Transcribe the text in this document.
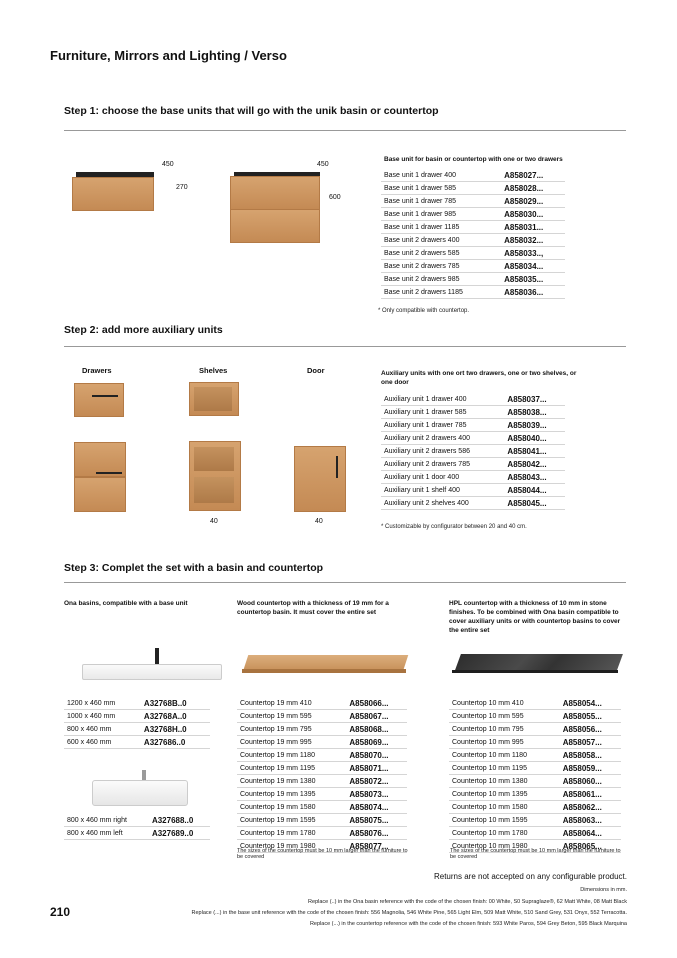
Furniture, Mirrors and Lighting / Verso
Step 1: choose the base units that will go with the unik basin or countertop
450
270
450
600
Base unit for basin or countertop with one or two drawers
Base unit 1 drawer 400	A858027...
Base unit 1 drawer 585	A858028...
Base unit 1 drawer 785	A858029...
Base unit 1 drawer 985	A858030...
Base unit 1 drawer 1185	A858031...
Base unit 2 drawers 400	A858032...
Base unit 2 drawers 585	A858033..,
Base unit 2 drawers 785	A858034...
Base unit 2 drawers 985	A858035...
Base unit 2 drawers 1185	A858036...
* Only compatible with countertop.
Step 2: add more auxiliary units
Drawers	Shelves	Door
40	40
Auxiliary units with one ort two drawers, one or two shelves, or one door
Auxiliary unit 1 drawer 400	A858037...
Auxiliary unit 1 drawer 585	A858038...
Auxiliary unit 1 drawer 785	A858039...
Auxiliary unit 2 drawers 400	A858040...
Auxiliary unit 2 drawers 586	A858041...
Auxiliary unit 2 drawers 785	A858042...
Auxiliary unit 1 door 400	A858043...
Auxiliary unit 1 shelf 400	A858044...
Auxiliary unit 2 shelves 400	A858045...
* Customizable by configurator between 20 and 40 cm.
Step 3: Complet the set with a basin and countertop
Ona basins, compatible with a base unit	Wood countertop with a thickness of 19 mm for a countertop basin. It must cover the entire set
HPL countertop with a thickness of 10 mm in stone finishes. To be combined with Ona basin compatible to cover auxiliary units or with countertop basins to cover the entire set
1200 x 460 mm	A32768B..0
1000 x 460 mm	A32768A..0
800 x 460 mm	A32768H..0
600 x 460 mm	A327686..0
800 x 460 mm right	A327688..0
800 x 460 mm left	A327689..0
Countertop 19 mm 410	A858066...
Countertop 19 mm 595	A858067...
Countertop 19 mm 795	A858068...
Countertop 19 mm 995	A858069...
Countertop 19 mm 1180	A858070...
Countertop 19 mm 1195	A858071...
Countertop 19 mm 1380	A858072...
Countertop 19 mm 1395	A858073...
Countertop 19 mm 1580	A858074...
Countertop 19 mm 1595	A858075...
Countertop 19 mm 1780	A858076...
Countertop 19 mm 1980	A858077...
Countertop 10 mm 410	A858054...
Countertop 10 mm 595	A858055...
Countertop 10 mm 795	A858056...
Countertop 10 mm 995	A858057...
Countertop 10 mm 1180	A858058...
Countertop 10 mm 1195	A858059...
Countertop 10 mm 1380	A858060...
Countertop 10 mm 1395	A858061...
Countertop 10 mm 1580	A858062...
Countertop 10 mm 1595	A858063...
Countertop 10 mm 1780	A858064...
Countertop 10 mm 1980	A858065...
The sizes of the countertop must be 10 mm larger than the furniture to be covered
The sizes of the countertop must be 10 mm larger than the furniture to be covered
Returns are not accepted on any configurable product.
Dimensions in mm.
210
Replace (..) in the Ona basin reference with the code of the chosen finish: 00 White, S0 Supraglaze®, 62 Matt White, 08 Matt Black
Replace (...) in the base unit reference with the code of the chosen finish: 556 Magnolia, 546 White Pine, 565 Light Elm, 509 Matt White, 510 Sand Grey, 531 Onyx, 552 Terracotta.
Replace (...) in the countertop reference with the code of the chosen finish: 593 White Paros, 594 Grey Beton, 595 Black Marquina
